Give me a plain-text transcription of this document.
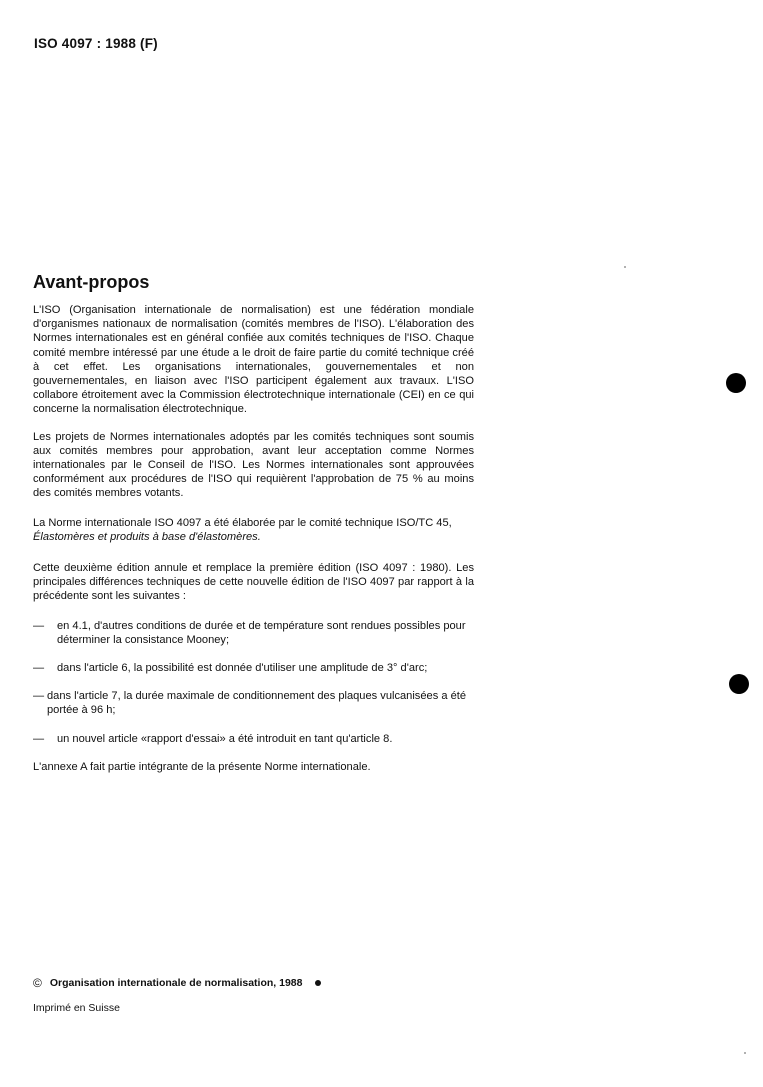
ISO 4097 : 1988 (F)
Avant-propos

L'ISO (Organisation internationale de normalisation) est une fédération mondiale d'organismes nationaux de normalisation (comités membres de l'ISO). L'élaboration des Normes internationales est en général confiée aux comités techniques de l'ISO. Chaque comité membre intéressé par une étude a le droit de faire partie du comité technique créé à cet effet. Les organisations internationales, gouvernementales et non gouvernementales, en liaison avec l'ISO participent également aux travaux. L'ISO collabore étroitement avec la Commission électrotechnique internationale (CEI) en ce qui concerne la normalisation électrotechnique.

Les projets de Normes internationales adoptés par les comités techniques sont soumis aux comités membres pour approbation, avant leur acceptation comme Normes internationales par le Conseil de l'ISO. Les Normes internationales sont approuvées conformément aux procédures de l'ISO qui requièrent l'approbation de 75 % au moins des comités membres votants.

La Norme internationale ISO 4097 a été élaborée par le comité technique ISO/TC 45,
Élastomères et produits à base d'élastomères.

Cette deuxième édition annule et remplace la première édition (ISO 4097 : 1980). Les principales différences techniques de cette nouvelle édition de l'ISO 4097 par rapport à la précédente sont les suivantes :

—	en 4.1, d'autres conditions de durée et de température sont rendues possibles pour déterminer la consistance Mooney;
—	dans l'article 6, la possibilité est donnée d'utiliser une amplitude de 3° d'arc;
— dans l'article 7, la durée maximale de conditionnement des plaques vulcanisées a été portée à 96 h;
—	un nouvel article «rapport d'essai» a été introduit en tant qu'article 8.

L'annexe A fait partie intégrante de la présente Norme internationale.

© Organisation internationale de normalisation, 1988
Imprimé en Suisse
